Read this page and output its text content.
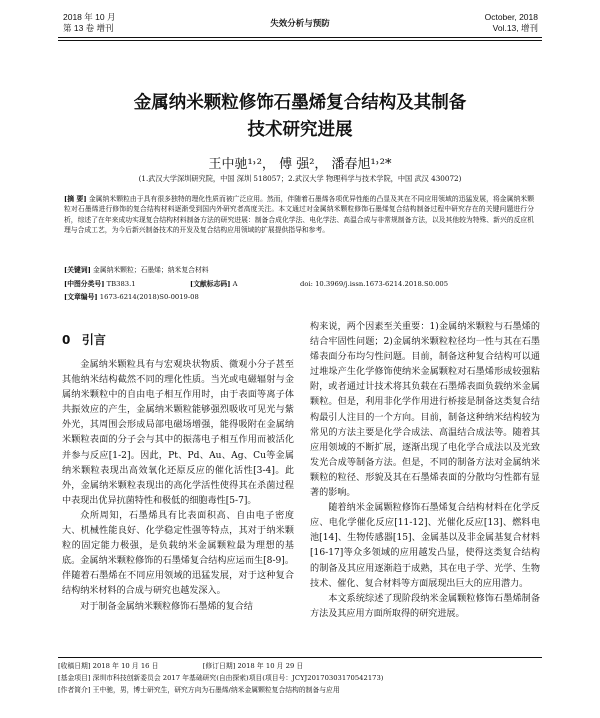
2018 年 10 月
第 13 卷 增刊	失效分析与预防
October, 2018
Vol.13, 增刊
金属纳米颗粒修饰石墨烯复合结构及其制备
技术研究进展
王中驰¹˒²， 傅 强²， 潘春旭¹˒²*
(1.武汉大学深圳研究院，中国 深圳 518057；2.武汉大学 物理科学与技术学院，中国 武汉 430072)
[摘 要] 金属纳米颗粒由于具有很多独特的理化性质而被广泛应用。然而，伴随着石墨烯各项优异性能的凸显及其在不同应用领域的迅猛发展，将金属纳米颗粒对石墨烯进行修饰的复合结构材料逐渐受到国内外研究者高度关注。本文通过对金属纳米颗粒修饰石墨烯复合结构制备过程中研究存在的关键问题进行分析，综述了在年来成功实现复合结构材料制备方法的研究进展：制备合成化学法、电化学法、高温合成与非常规制备方法，以及其他较为特殊、新兴的反应机理与合成工艺，为今后新兴制备技术的开发及复合结构应用领域的扩展提供指导和参考。
[关键词] 金属纳米颗粒；石墨烯；纳米复合材料
[中图分类号] TB383.1	[文献标志码] A	doi: 10.3969/j.issn.1673-6214.2018.S0.005
[文章编号] 1673-6214(2018)S0-0019-08
0 引言

金属纳米颗粒具有与宏观块状物质、微观小分子甚至其他纳米结构截然不同的理化性质。当光或电磁辐射与金属纳米颗粒中的自由电子相互作用时，由于表面等离子体共振效应的产生，金属纳米颗粒能够强烈吸收可见光与紫外光，其周围会形成局部电磁场增强，能得吸附在金属纳米颗粒表面的分子会与其中的振荡电子相互作用而被活化并参与反应[1-2]。因此，Pt、Pd、Au、Ag、Cu等金属纳米颗粒表现出高效氧化还原反应的催化活性[3-4]。此外，金属纳米颗粒表现出的高化学活性使得其在杀菌过程中表现出优异抗菌特性和极低的细胞毒性[5-7]。

众所周知，石墨烯具有比表面积高、自由电子密度大、机械性能良好、化学稳定性强等特点，其对于纳米颗粒的固定能力极强，是负载纳米金属颗粒最为理想的基底。金属纳米颗粒修饰的石墨烯复合结构应运而生[8-9]。伴随着石墨烯在不同应用领域的迅猛发展，对于这种复合结构纳米材料的合成与研究也越发深入。

对于制备金属纳米颗粒修饰石墨烯的复合结

构来说，两个因素至关重要：1)金属纳米颗粒与石墨烯的结合牢固性问题；2)金属纳米颗粒粒径均一性与其在石墨烯表面分布均匀性问题。目前，制备这种复合结构可以通过堆垛产生化学修饰使纳米金属颗粒对石墨烯形成较强粘附，或者通过计技术将其负载在石墨烯表面负载纳米金属颗粒。但是，利用非化学作用进行桥接是制备这类复合结构最引人注目的一个方向。目前，制备这种纳米结构较为常见的方法主要是化学合成法、高温结合成法等。随着其应用领域的不断扩展，逐渐出现了电化学合成法以及光致发光合成等制备方法。但是，不同的制备方法对金属纳米颗粒的粒径、形貌及其在石墨烯表面的分散均匀性都有显著的影响。

随着纳米金属颗粒修饰石墨烯复合结构材料在化学反应、电化学催化反应[11-12]、光催化反应[13]、燃料电池[14]、生物传感器[15]、金属基以及非金属基复合材料[16-17]等众多领域的应用越发凸显，使得这类复合结构的制备及其应用逐渐趋于成熟，其在电子学、光学、生物技术、催化、复合材料等方面展现出巨大的应用潜力。

本文系统综述了现阶段纳米金属颗粒修饰石墨烯制备方法及其应用方面所取得的研究进展。

[收稿日期] 2018 年 10 月 16 日	[修订日期] 2018 年 10 月 29 日
[基金项目] 深圳市科技创新委员会 2017 年基础研究(自由探索)项目(项目号：JCYJ20170303170542173)
[作者简介] 王中驰，男，博士研究生，研究方向为石墨烯/纳米金属颗粒复合结构的制备与应用
